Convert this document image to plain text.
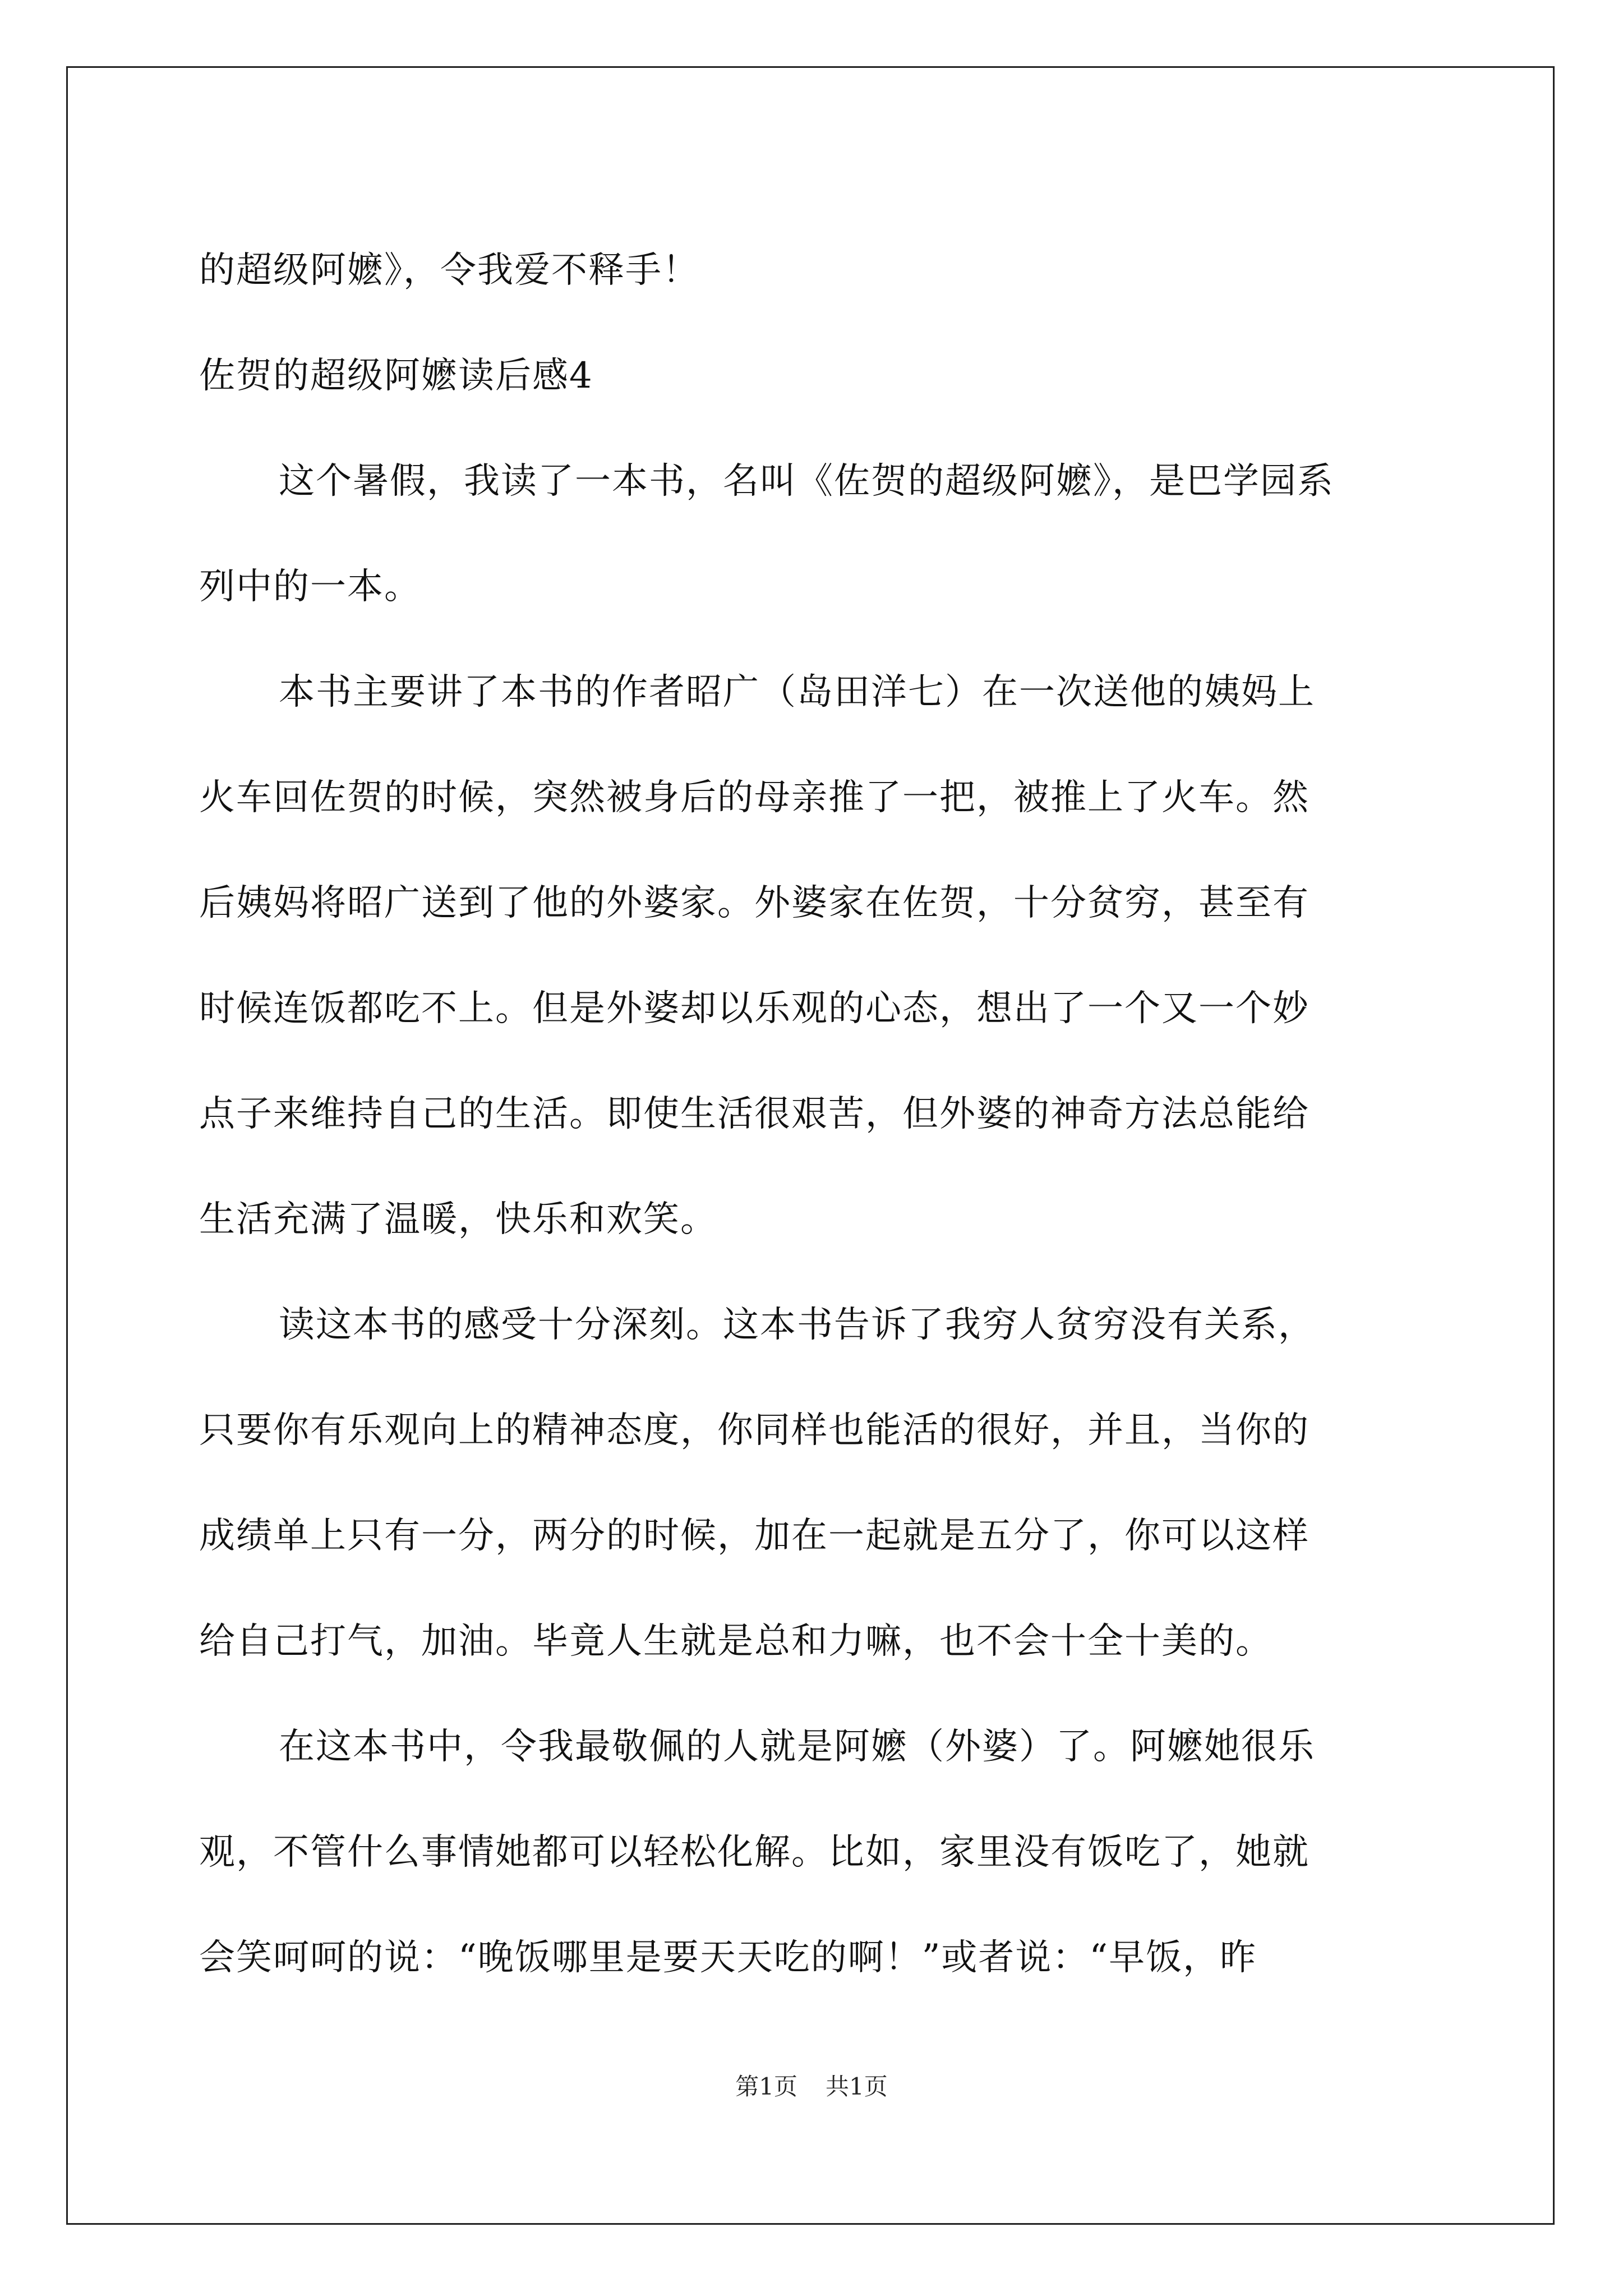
的超级阿嬷》，令我爱不释手！
佐贺的超级阿嬷读后感4
这个暑假，我读了一本书，名叫《佐贺的超级阿嬷》，是巴学园系
列中的一本。
本书主要讲了本书的作者昭广（岛田洋七）在一次送他的姨妈上
火车回佐贺的时候，突然被身后的母亲推了一把，被推上了火车。然
后姨妈将昭广送到了他的外婆家。外婆家在佐贺，十分贫穷，甚至有
时候连饭都吃不上。但是外婆却以乐观的心态，想出了一个又一个妙
点子来维持自己的生活。即使生活很艰苦，但外婆的神奇方法总能给
生活充满了温暖，快乐和欢笑。
读这本书的感受十分深刻。这本书告诉了我穷人贫穷没有关系，
只要你有乐观向上的精神态度，你同样也能活的很好，并且，当你的
成绩单上只有一分，两分的时候，加在一起就是五分了，你可以这样
给自己打气，加油。毕竟人生就是总和力嘛，也不会十全十美的。
在这本书中，令我最敬佩的人就是阿嬷（外婆）了。阿嬷她很乐
观，不管什么事情她都可以轻松化解。比如，家里没有饭吃了，她就
会笑呵呵的说：“晚饭哪里是要天天吃的啊！”或者说：“早饭，昨
第1页 共1页
